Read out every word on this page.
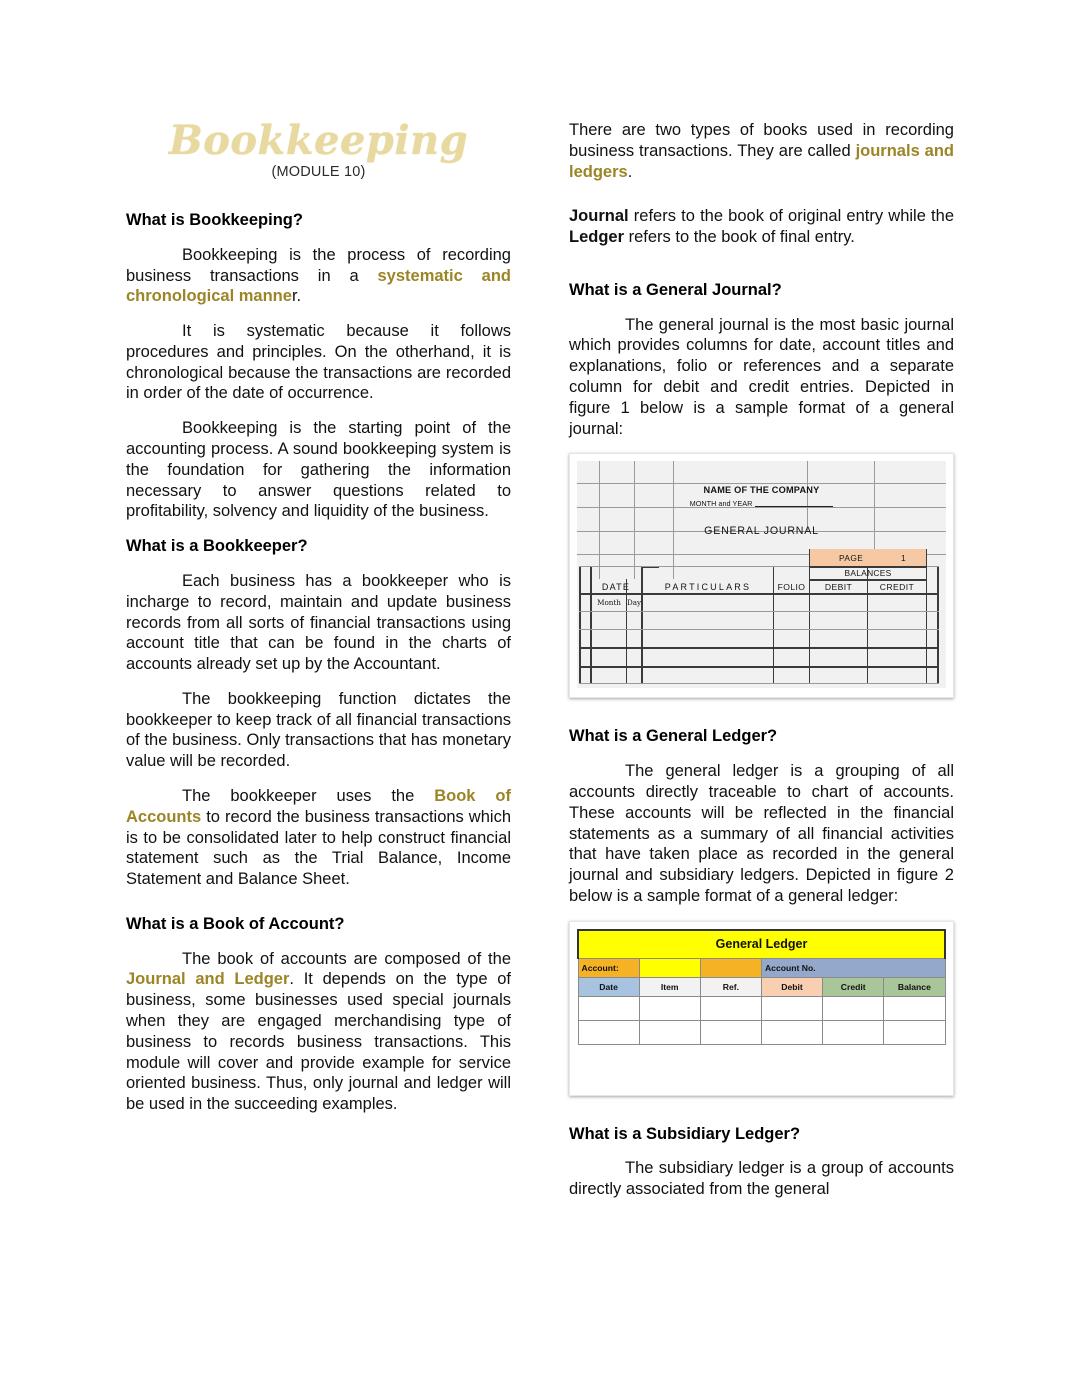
Bookkeeping
(MODULE 10)
What is Bookkeeping?

Bookkeeping is the process of recording business transactions in a systematic and chronological manner.

It is systematic because it follows procedures and principles. On the otherhand, it is chronological because the transactions are recorded in order of the date of occurrence.

Bookkeeping is the starting point of the accounting process. A sound bookkeeping system is the foundation for gathering the information necessary to answer questions related to profitability, solvency and liquidity of the business.

What is a Bookkeeper?

Each business has a bookkeeper who is incharge to record, maintain and update business records from all sorts of financial transactions using account title that can be found in the charts of accounts already set up by the Accountant.

The bookkeeping function dictates the bookkeeper to keep track of all financial transactions of the business. Only transactions that has monetary value will be recorded.

The bookkeeper uses the Book of Accounts to record the business transactions which is to be consolidated later to help construct financial statement such as the Trial Balance, Income Statement and Balance Sheet.

What is a Book of Account?

The book of accounts are composed of the Journal and Ledger. It depends on the type of business, some businesses used special journals when they are engaged merchandising type of business to records business transactions. This module will cover and provide example for service oriented business. Thus, only journal and ledger will be used in the succeeding examples.

There are two types of books used in recording business transactions. They are called journals and ledgers.

Journal refers to the book of original entry while the Ledger refers to the book of final entry.

What is a General Journal?

The general journal is the most basic journal which provides columns for date, account titles and explanations, folio or references and a separate column for debit and credit entries. Depicted in figure 1 below is a sample format of a general journal:

NAME OF THE COMPANY
MONTH and YEAR
GENERAL JOURNAL
PAGE	1
DATE	PARTICULARS	FOLIO	DEBIT	CREDIT
BALANCES
Month Day
What is a General Ledger?

The general ledger is a grouping of all accounts directly traceable to chart of accounts. These accounts will be reflected in the financial statements as a summary of all financial activities that have taken place as recorded in the general journal and subsidiary ledgers. Depicted in figure 2 below is a sample format of a general ledger:

General Ledger					
Account:			Account No.		
Date	Item	Ref.	Debit	Credit	Balance

What is a Subsidiary Ledger?

The subsidiary ledger is a group of accounts directly associated from the general
